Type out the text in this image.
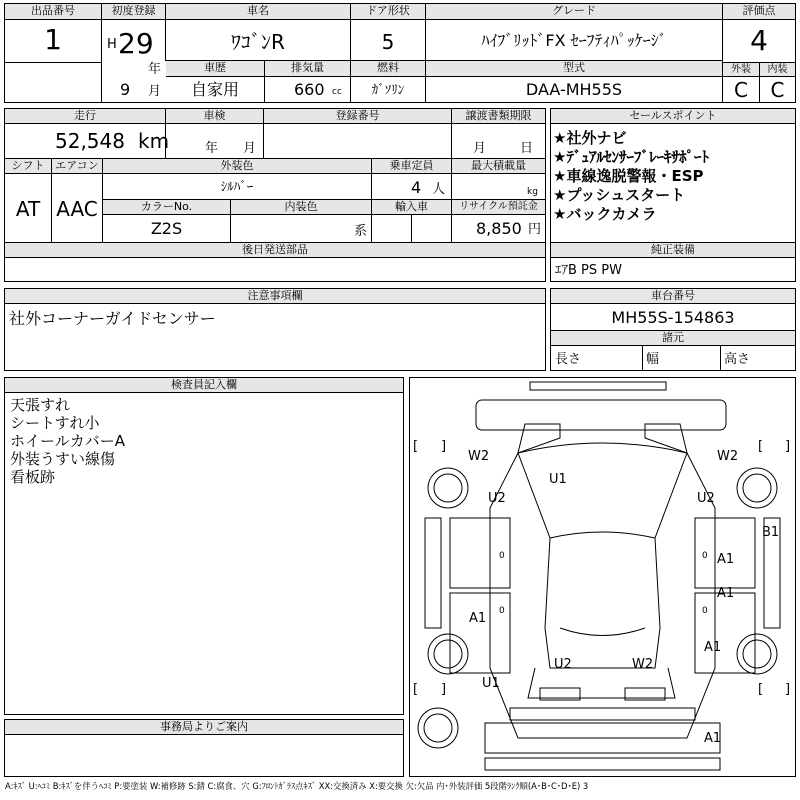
出品番号
1
初度登録
H 29
年
9 月
車名
ﾜｺﾞﾝR
ドア形状
5
グレード
ﾊｲﾌﾞﾘｯﾄﾞFX ｾｰﾌﾃｨﾊﾟｯｹｰｼﾞ
評価点
4
車歴
自家用
排気量
660 cc
燃料
ｶﾞｿﾘﾝ
型式
DAA-MH55S
外装	内装
C	C
走行
52,548 km
車検
年 月
登録番号	譲渡書類期限
月	日
シフト
AT
エアコン
AAC
外装色
ｼﾙﾊﾞｰ
乗車定員
4 人
最大積載量
kg
カラーNo.
Z2S
内装色
系
輸入車	リサイクル預託金
8,850 円
後日発送部品
セールスポイント
★社外ナビ
★ﾃﾞｭｱﾙｾﾝｻｰﾌﾞﾚｰｷｻﾎﾟｰﾄ
★車線逸脱警報・ESP
★プッシュスタート
★バックカメラ
純正装備
ｴｱB PS PW
注意事項欄
社外コーナーガイドセンサー
車台番号
MH55S-154863
諸元
長さ	幅	高さ
検査員記入欄
天張すれ
シートすれ小
ホイールカバーA
外装うすい線傷
看板跡
事務局よりご案内
W2	W2
U1
U2	U2
B1
A1
A1
A1
A1
U2	W2
U1
A1
[ ]	[ ]
[ ]	[ ]
0
0
0
0
A:ｷｽﾞ U:ﾍｺﾐ B:ｷｽﾞを伴うﾍｺﾐ P:要塗装 W:補修跡 S:錆 C:腐食、穴 G:ﾌﾛﾝﾄｶﾞﾗｽ点ｷｽﾞ XX:交換済み X:要交換 欠:欠品 内･外装評価 5段階ﾗﾝｸ順(A･B･C･D･E) 3
